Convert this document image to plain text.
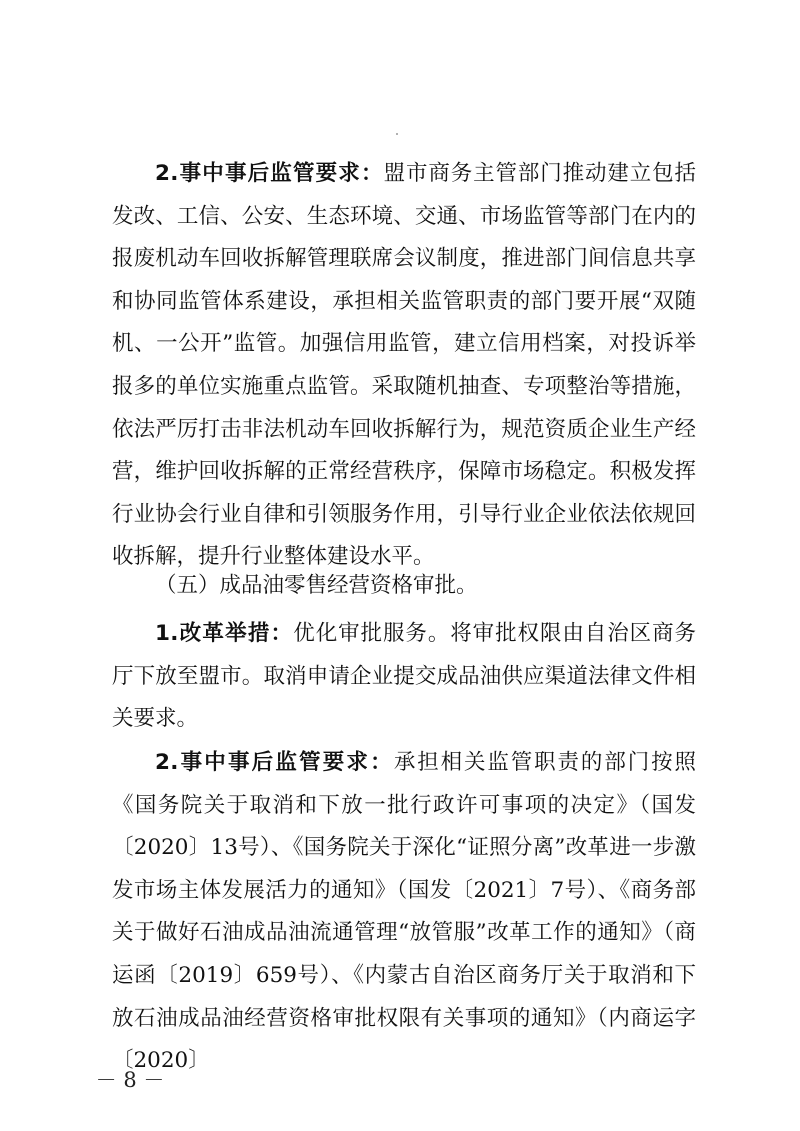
2.事中事后监管要求：盟市商务主管部门推动建立包括发改、工信、公安、生态环境、交通、市场监管等部门在内的报废机动车回收拆解管理联席会议制度，推进部门间信息共享和协同监管体系建设，承担相关监管职责的部门要开展“双随机、一公开”监管。加强信用监管，建立信用档案，对投诉举报多的单位实施重点监管。采取随机抽查、专项整治等措施，依法严厉打击非法机动车回收拆解行为，规范资质企业生产经营，维护回收拆解的正常经营秩序，保障市场稳定。积极发挥行业协会行业自律和引领服务作用，引导行业企业依法依规回收拆解，提升行业整体建设水平。

（五）成品油零售经营资格审批。

1.改革举措：优化审批服务。将审批权限由自治区商务厅下放至盟市。取消申请企业提交成品油供应渠道法律文件相关要求。

2.事中事后监管要求：承担相关监管职责的部门按照《国务院关于取消和下放一批行政许可事项的决定》（国发〔2020〕13号）、《国务院关于深化“证照分离”改革进一步激发市场主体发展活力的通知》（国发〔2021〕7号）、《商务部关于做好石油成品油流通管理“放管服”改革工作的通知》（商运函〔2019〕659号）、《内蒙古自治区商务厅关于取消和下放石油成品油经营资格审批权限有关事项的通知》（内商运字〔2020〕

－ 8 －
